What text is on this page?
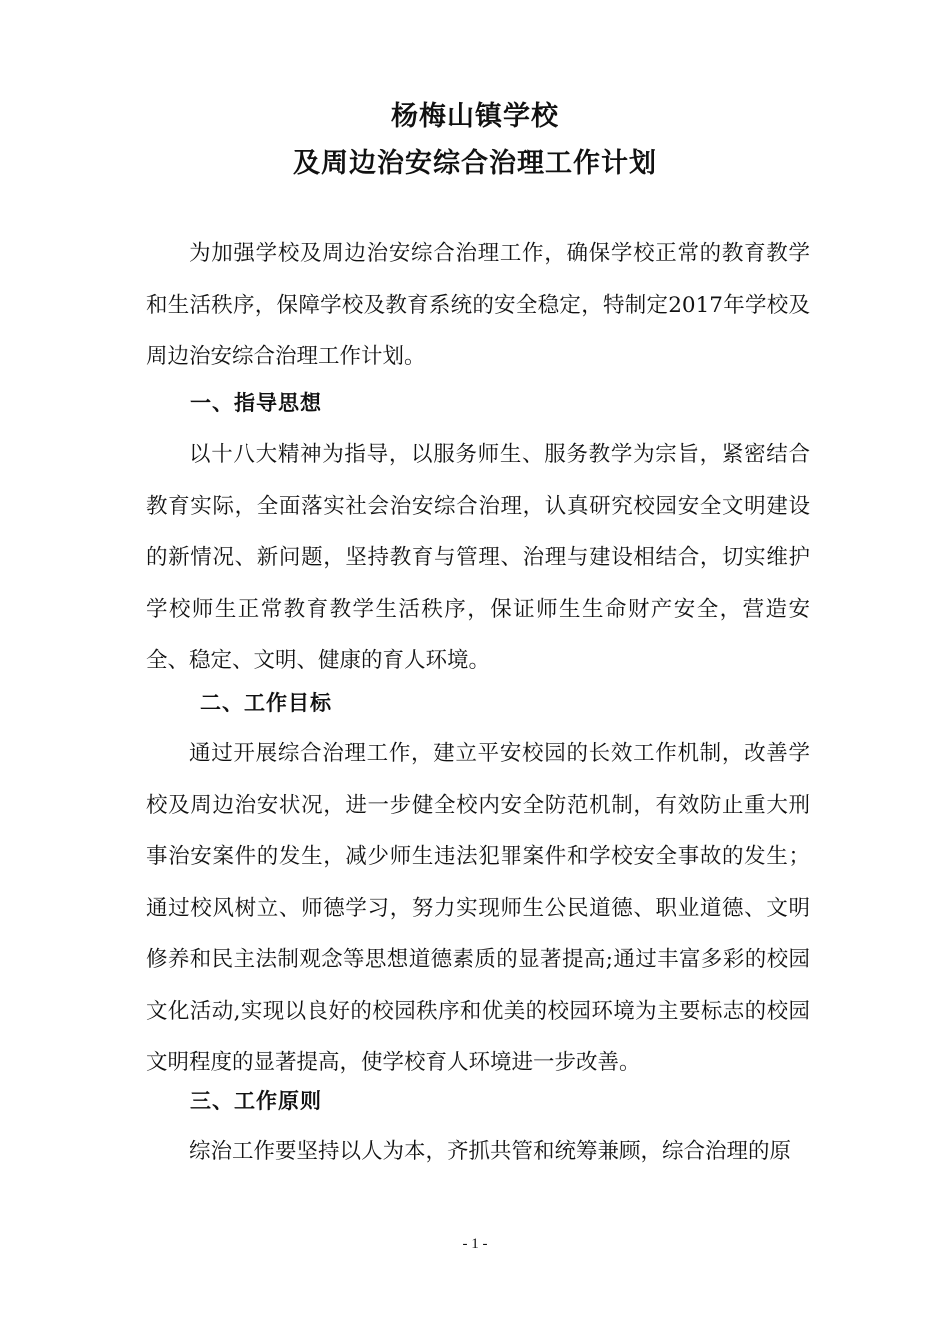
杨梅山镇学校
及周边治安综合治理工作计划

为加强学校及周边治安综合治理工作，确保学校正常的教育教学和生活秩序，保障学校及教育系统的安全稳定，特制定2017年学校及周边治安综合治理工作计划。

一、指导思想

以十八大精神为指导，以服务师生、服务教学为宗旨，紧密结合教育实际，全面落实社会治安综合治理，认真研究校园安全文明建设的新情况、新问题，坚持教育与管理、治理与建设相结合，切实维护学校师生正常教育教学生活秩序，保证师生生命财产安全，营造安全、稳定、文明、健康的育人环境。

二、工作目标

通过开展综合治理工作，建立平安校园的长效工作机制，改善学校及周边治安状况，进一步健全校内安全防范机制，有效防止重大刑事治安案件的发生，减少师生违法犯罪案件和学校安全事故的发生；通过校风树立、师德学习，努力实现师生公民道德、职业道德、文明修养和民主法制观念等思想道德素质的显著提高;通过丰富多彩的校园文化活动,实现以良好的校园秩序和优美的校园环境为主要标志的校园文明程度的显著提高，使学校育人环境进一步改善。

三、工作原则

综治工作要坚持以人为本，齐抓共管和统筹兼顾，综合治理的原

- 1 -
